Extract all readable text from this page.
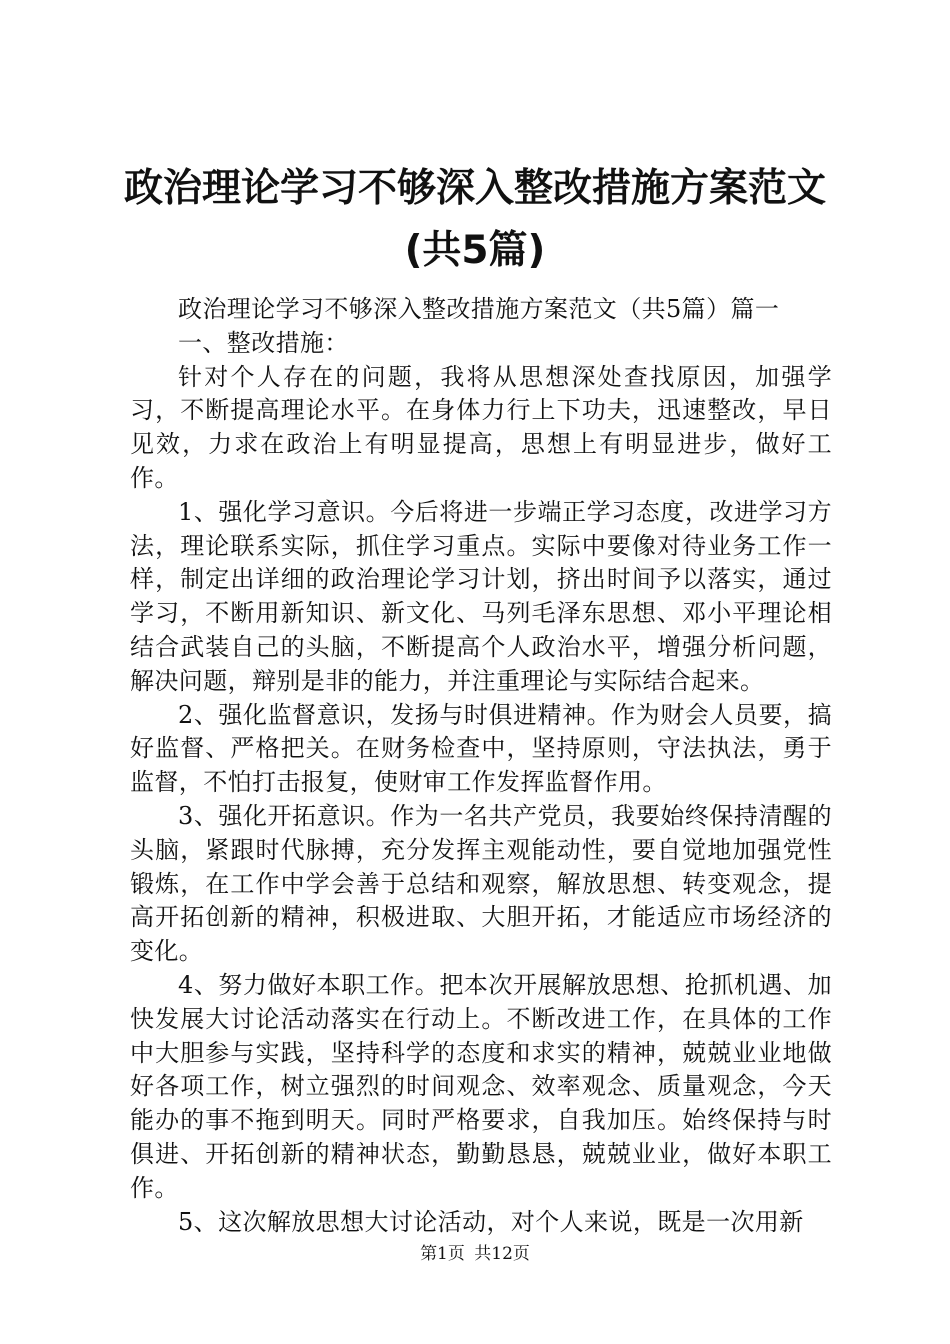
政治理论学习不够深入整改措施方案范文(共5篇)

政治理论学习不够深入整改措施方案范文（共5篇）篇一

一、整改措施：

针对个人存在的问题，我将从思想深处查找原因，加强学习，不断提高理论水平。在身体力行上下功夫，迅速整改，早日见效，力求在政治上有明显提高，思想上有明显进步，做好工作。

1、强化学习意识。今后将进一步端正学习态度，改进学习方法，理论联系实际，抓住学习重点。实际中要像对待业务工作一样，制定出详细的政治理论学习计划，挤出时间予以落实，通过学习，不断用新知识、新文化、马列毛泽东思想、邓小平理论相结合武装自己的头脑，不断提高个人政治水平，增强分析问题，解决问题，辩别是非的能力，并注重理论与实际结合起来。

2、强化监督意识，发扬与时俱进精神。作为财会人员要，搞好监督、严格把关。在财务检查中，坚持原则，守法执法，勇于监督，不怕打击报复，使财审工作发挥监督作用。

3、强化开拓意识。作为一名共产党员，我要始终保持清醒的头脑，紧跟时代脉搏，充分发挥主观能动性，要自觉地加强党性锻炼，在工作中学会善于总结和观察，解放思想、转变观念，提高开拓创新的精神，积极进取、大胆开拓，才能适应市场经济的变化。

4、努力做好本职工作。把本次开展解放思想、抢抓机遇、加快发展大讨论活动落实在行动上。不断改进工作，在具体的工作中大胆参与实践，坚持科学的态度和求实的精神，兢兢业业地做好各项工作，树立强烈的时间观念、效率观念、质量观念，今天能办的事不拖到明天。同时严格要求，自我加压。始终保持与时俱进、开拓创新的精神状态，勤勤恳恳，兢兢业业，做好本职工作。

5、这次解放思想大讨论活动，对个人来说，既是一次用新

第1页 共12页
